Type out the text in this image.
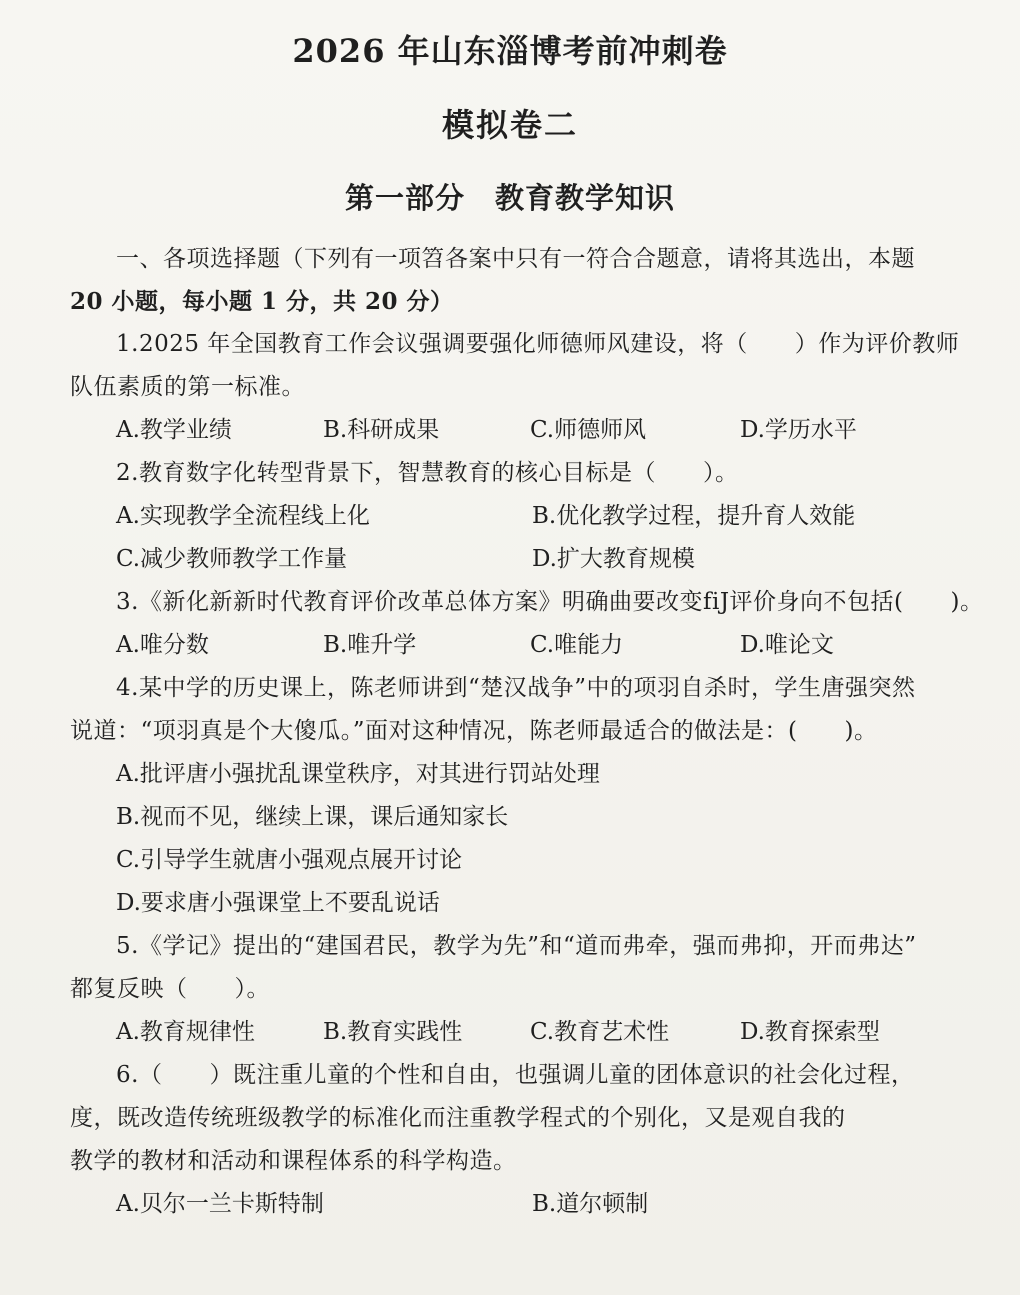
2026 年山东淄博考前冲刺卷
模拟卷二
第一部分　教育教学知识
一、各项选择题（下列有一项笤各案中只有一符合合题意，请将其选出，本题
20 小题，每小题 1 分，共 20 分）
1.2025 年全国教育工作会议强调要强化师德师风建设，将（　　）作为评价教师
队伍素质的第一标准。
A.教学业绩	B.科研成果	C.师德师风	D.学历水平
2.教育数字化转型背景下，智慧教育的核心目标是（　　）。
A.实现教学全流程线上化	B.优化教学过程，提升育人效能
C.减少教师教学工作量	D.扩大教育规模
3.《新化新新时代教育评价改革总体方案》明确曲要改变fiJ评价身向不包括(　　)。
A.唯分数	B.唯升学	C.唯能力	D.唯论文
4.某中学的历史课上，陈老师讲到“楚汉战争”中的项羽自杀时，学生唐强突然
说道：“项羽真是个大傻瓜。”面对这种情况，陈老师最适合的做法是：(　　)。
A.批评唐小强扰乱课堂秩序，对其进行罚站处理
B.视而不见，继续上课，课后通知家长
C.引导学生就唐小强观点展开讨论
D.要求唐小强课堂上不要乱说话
5.《学记》提出的“建国君民，教学为先”和“道而弗牵，强而弗抑，开而弗达”
都复反映（　　）。
A.教育规律性	B.教育实践性	C.教育艺术性	D.教育探索型
6.（　　）既注重儿童的个性和自由，也强调儿童的团体意识的社会化过程，
度，既改造传统班级教学的标准化而注重教学程式的个别化，又是观自我的
教学的教材和活动和课程体系的科学构造。
A.贝尔一兰卡斯特制	B.道尔顿制
